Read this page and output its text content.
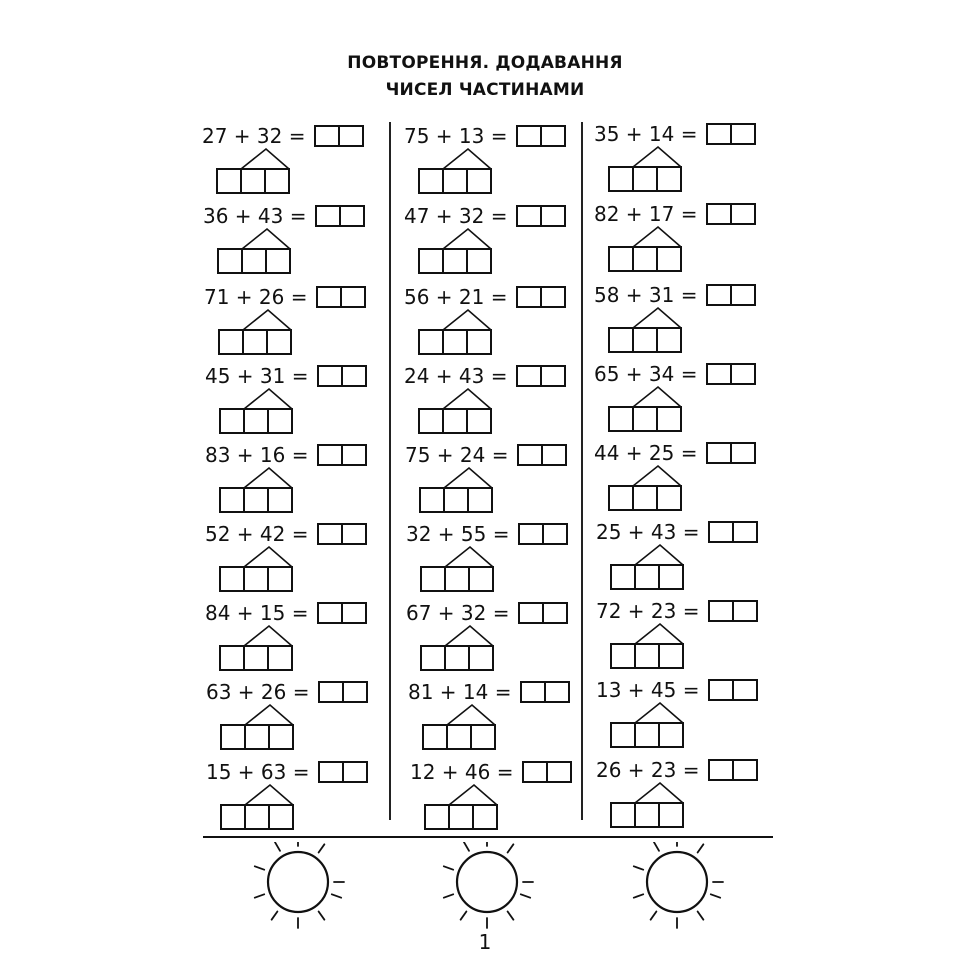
ПОВТОРЕННЯ. ДОДАВАННЯ
ЧИСЕЛ ЧАСТИНАМИ
27 + 32 =
36 + 43 =
71 + 26 =
45 + 31 =
83 + 16 =
52 + 42 =
84 + 15 =
63 + 26 =
15 + 63 =
75 + 13 =
47 + 32 =
56 + 21 =
24 + 43 =
75 + 24 =
32 + 55 =
67 + 32 =
81 + 14 =
12 + 46 =
35 + 14 =
82 + 17 =
58 + 31 =
65 + 34 =
44 + 25 =
25 + 43 =
72 + 23 =
13 + 45 =
26 + 23 =
1
